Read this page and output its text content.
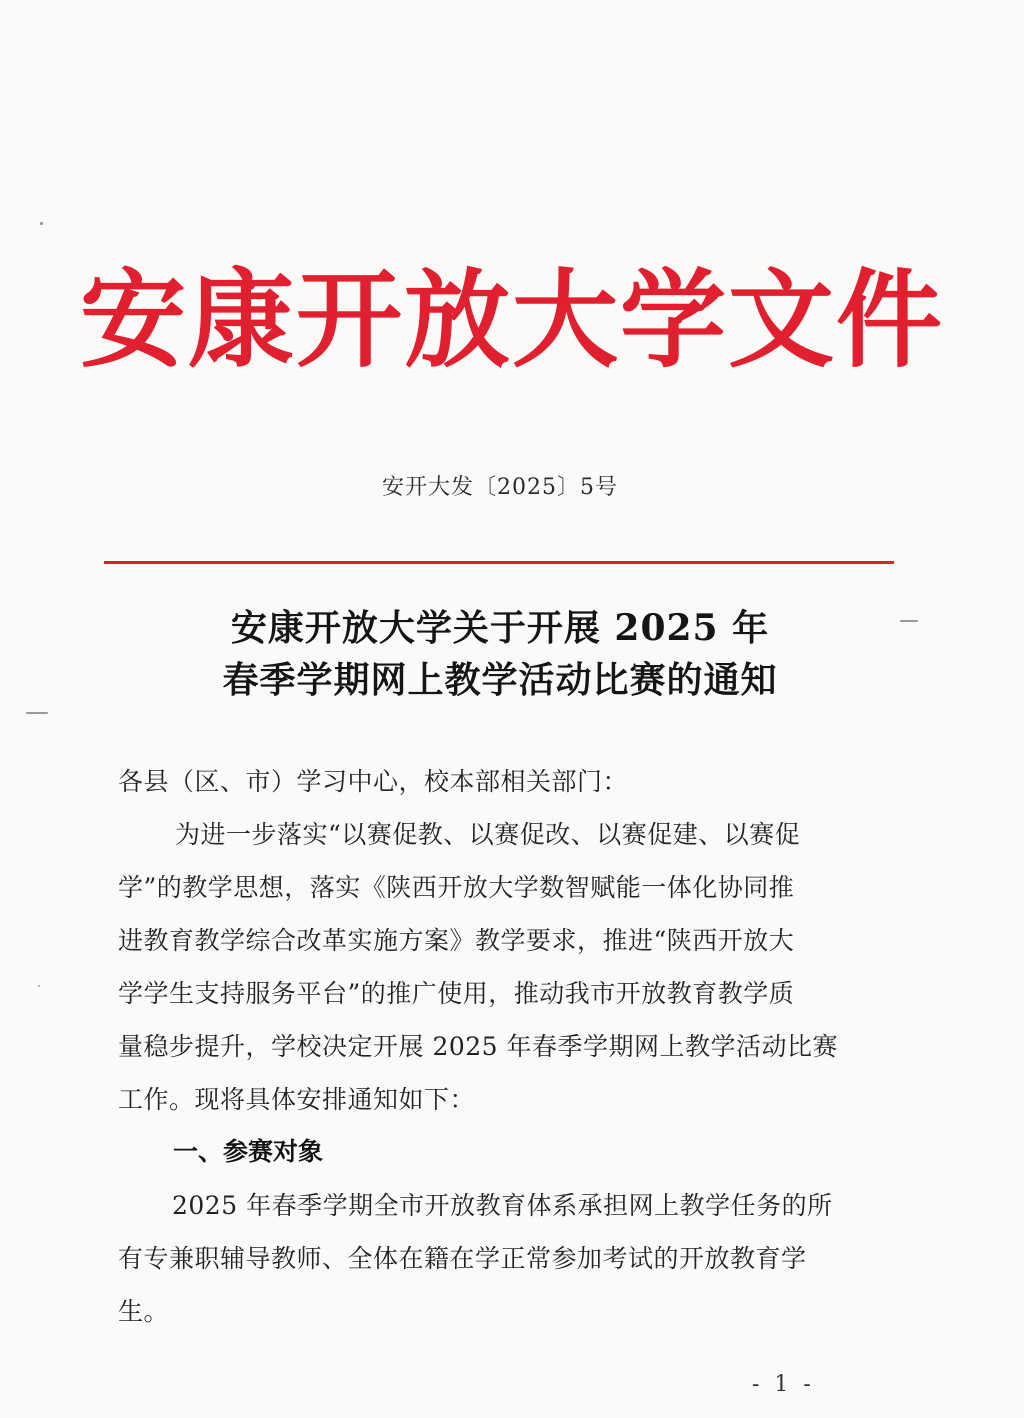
安康开放大学文件
安开大发〔2025〕5号
安康开放大学关于开展 2025 年
春季学期网上教学活动比赛的通知
各县（区、市）学习中心，校本部相关部门：
为进一步落实“以赛促教、以赛促改、以赛促建、以赛促
学”的教学思想，落实《陕西开放大学数智赋能一体化协同推
进教育教学综合改革实施方案》教学要求，推进“陕西开放大
学学生支持服务平台”的推广使用，推动我市开放教育教学质
量稳步提升，学校决定开展 2025 年春季学期网上教学活动比赛
工作。现将具体安排通知如下：
一、参赛对象
2025 年春季学期全市开放教育体系承担网上教学任务的所
有专兼职辅导教师、全体在籍在学正常参加考试的开放教育学
生。
- 1 -
